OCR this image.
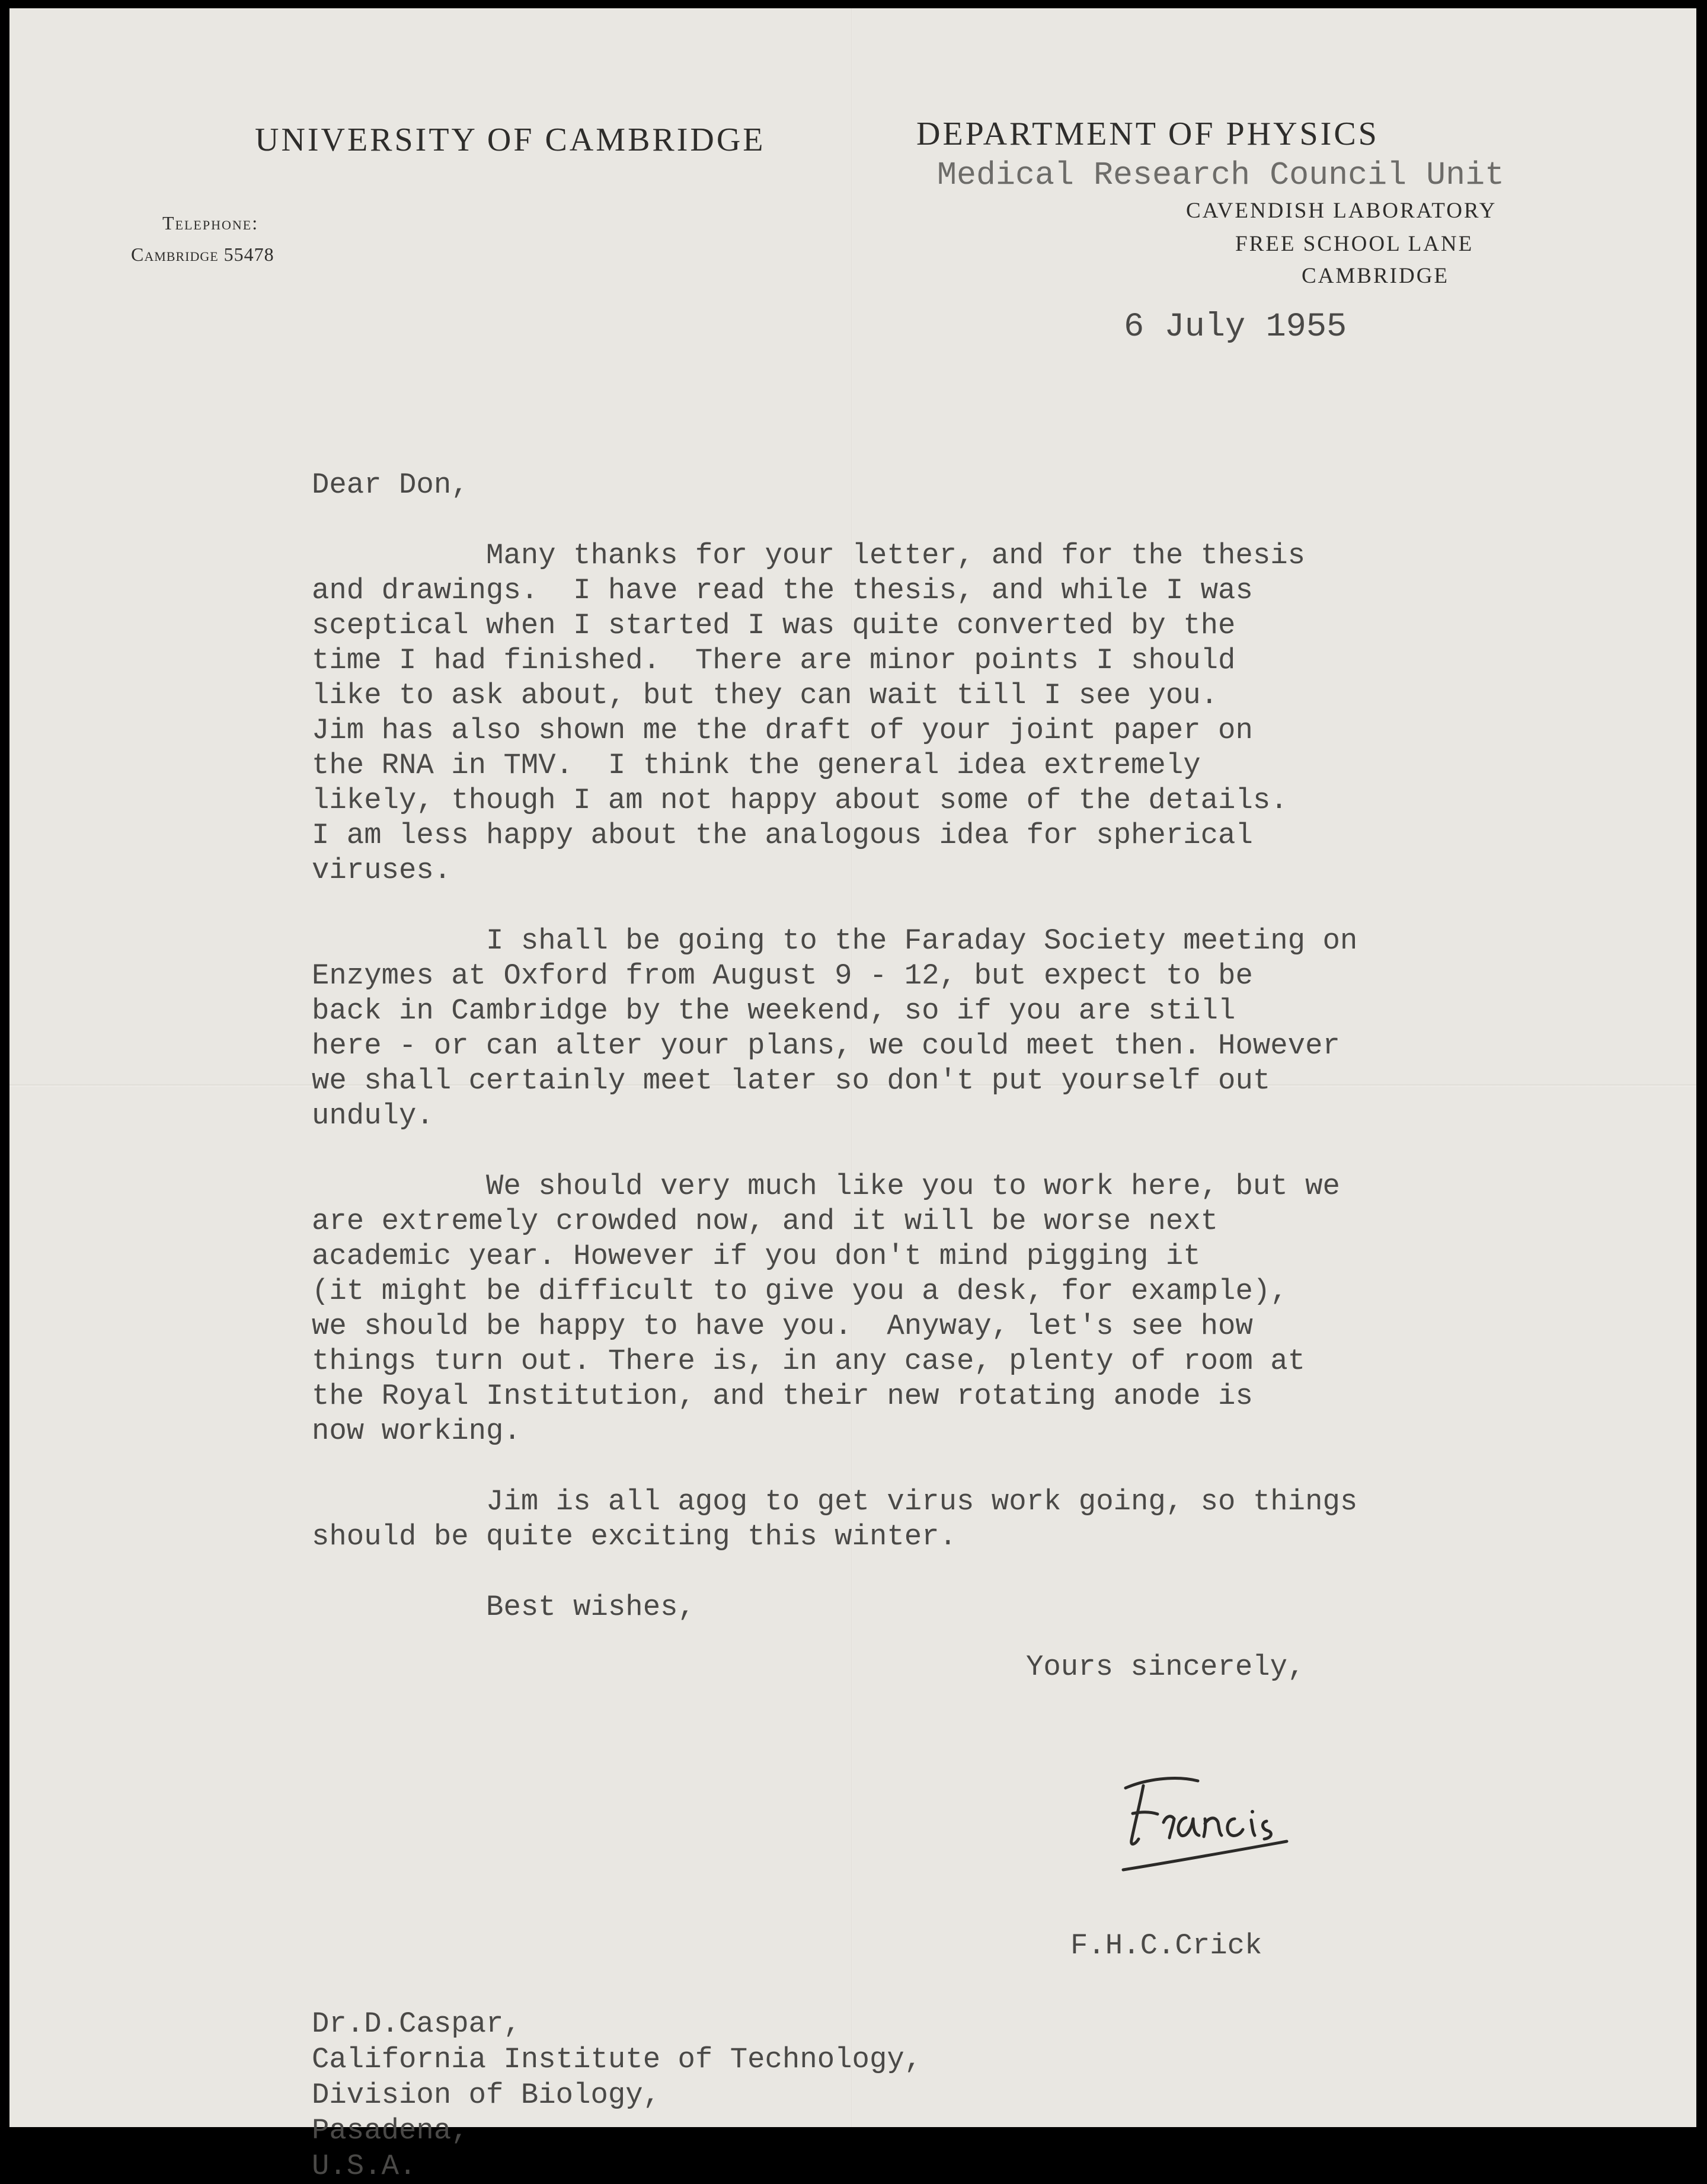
UNIVERSITY OF CAMBRIDGE	DEPARTMENT OF PHYSICS
Medical Research Council Unit
Telephone:
Cambridge 55478
CAVENDISH LABORATORY
FREE SCHOOL LANE
CAMBRIDGE
6 July 1955
Dear Don,
Many thanks for your letter, and for the thesis
and drawings.  I have read the thesis, and while I was
sceptical when I started I was quite converted by the
time I had finished.  There are minor points I should
like to ask about, but they can wait till I see you.
Jim has also shown me the draft of your joint paper on
the RNA in TMV.  I think the general idea extremely
likely, though I am not happy about some of the details.
I am less happy about the analogous idea for spherical
viruses.
I shall be going to the Faraday Society meeting on
Enzymes at Oxford from August 9 - 12, but expect to be
back in Cambridge by the weekend, so if you are still
here - or can alter your plans, we could meet then. However
we shall certainly meet later so don't put yourself out
unduly.
We should very much like you to work here, but we
are extremely crowded now, and it will be worse next
academic year. However if you don't mind pigging it
(it might be difficult to give you a desk, for example),
we should be happy to have you.  Anyway, let's see how
things turn out. There is, in any case, plenty of room at
the Royal Institution, and their new rotating anode is
now working.
Jim is all agog to get virus work going, so things
should be quite exciting this winter.
Best wishes,
Yours sincerely,
F.H.C.Crick
Dr.D.Caspar,
California Institute of Technology,
Division of Biology,
Pasadena,
U.S.A.
